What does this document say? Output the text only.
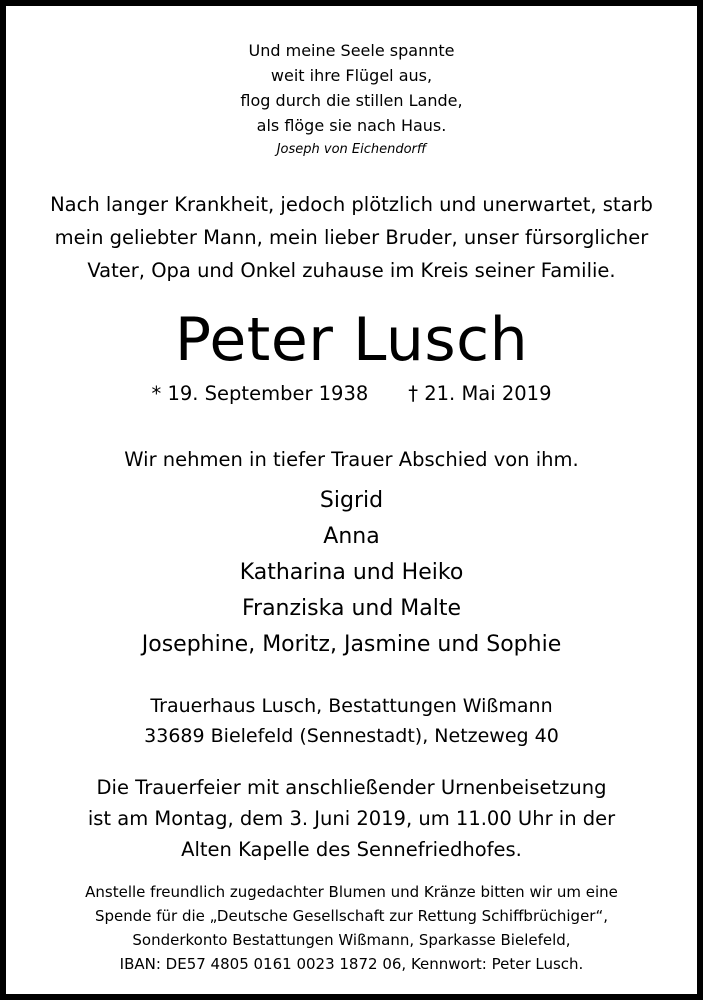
Und meine Seele spannte
weit ihre Flügel aus,
flog durch die stillen Lande,
als flöge sie nach Haus.
Joseph von Eichendorff
Nach langer Krankheit, jedoch plötzlich und unerwartet, starb
mein geliebter Mann, mein lieber Bruder, unser fürsorglicher
Vater, Opa und Onkel zuhause im Kreis seiner Familie.
Peter Lusch
* 19. September 1938 † 21. Mai 2019
Wir nehmen in tiefer Trauer Abschied von ihm.
Sigrid
Anna
Katharina und Heiko
Franziska und Malte
Josephine, Moritz, Jasmine und Sophie
Trauerhaus Lusch, Bestattungen Wißmann
33689 Bielefeld (Sennestadt), Netzeweg 40
Die Trauerfeier mit anschließender Urnenbeisetzung
ist am Montag, dem 3. Juni 2019, um 11.00 Uhr in der
Alten Kapelle des Sennefriedhofes.
Anstelle freundlich zugedachter Blumen und Kränze bitten wir um eine
Spende für die „Deutsche Gesellschaft zur Rettung Schiffbrüchiger“,
Sonderkonto Bestattungen Wißmann, Sparkasse Bielefeld,
IBAN: DE57 4805 0161 0023 1872 06, Kennwort: Peter Lusch.
